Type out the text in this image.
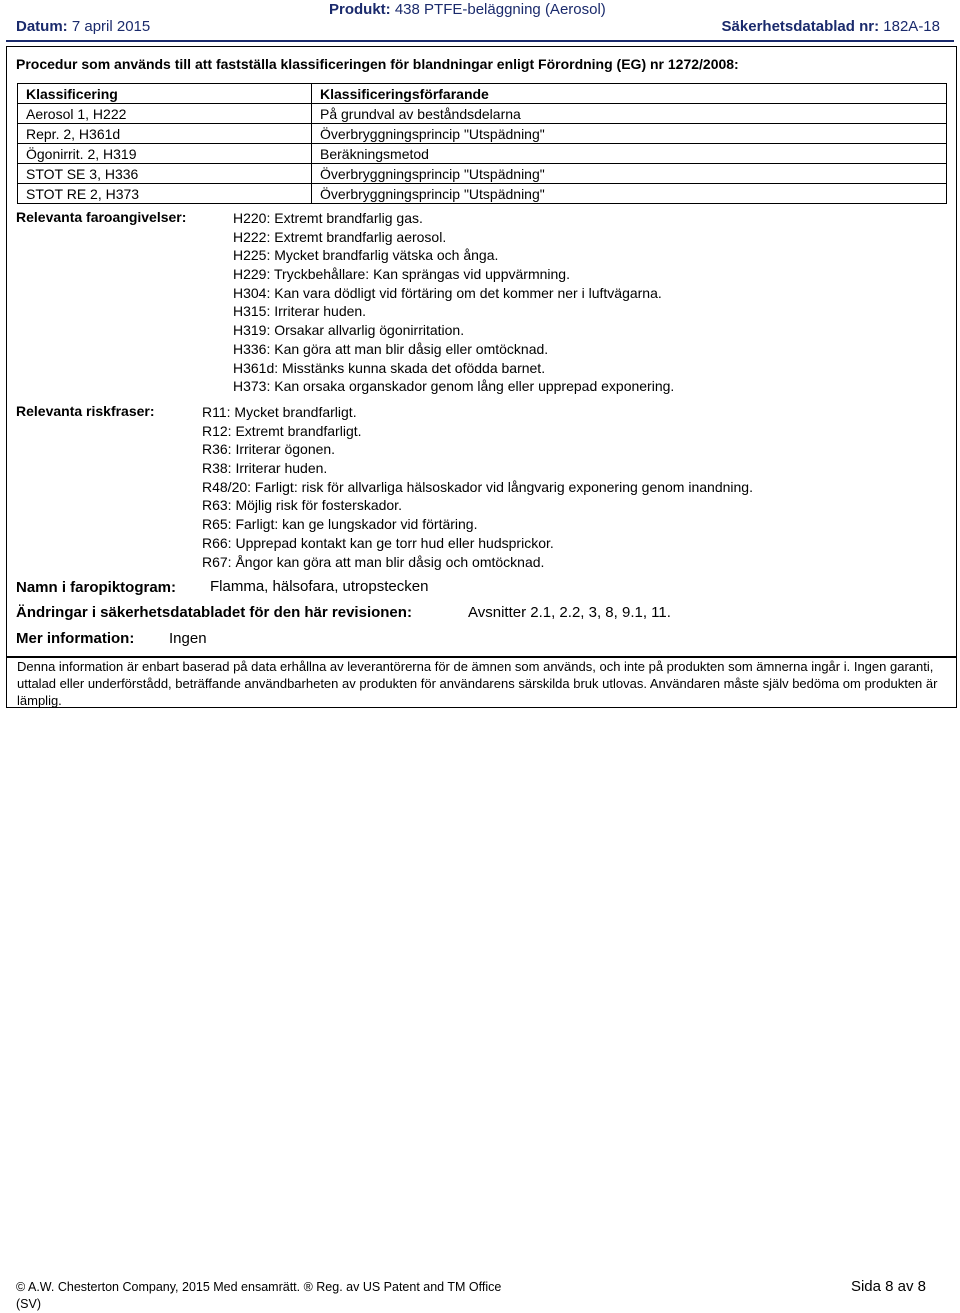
Datum: 7 april 2015
Produkt: 438 PTFE-beläggning (Aerosol)
Säkerhetsdatablad nr: 182A-18
Procedur som används till att fastställa klassificeringen för blandningar enligt Förordning (EG) nr 1272/2008:
Klassificering	Klassificeringsförfarande
Aerosol 1, H222	På grundval av beståndsdelarna
Repr. 2, H361d	Överbryggningsprincip "Utspädning"
Ögonirrit. 2, H319	Beräkningsmetod
STOT SE 3, H336	Överbryggningsprincip "Utspädning"
STOT RE 2, H373	Överbryggningsprincip "Utspädning"
Relevanta faroangivelser:	H220: Extremt brandfarlig gas.
H222: Extremt brandfarlig aerosol.
H225: Mycket brandfarlig vätska och ånga.
H229: Tryckbehållare: Kan sprängas vid uppvärmning.
H304: Kan vara dödligt vid förtäring om det kommer ner i luftvägarna.
H315: Irriterar huden.
H319: Orsakar allvarlig ögonirritation.
H336: Kan göra att man blir dåsig eller omtöcknad.
H361d: Misstänks kunna skada det ofödda barnet.
H373: Kan orsaka organskador genom lång eller upprepad exponering.
Relevanta riskfraser:	R11: Mycket brandfarligt.
R12: Extremt brandfarligt.
R36: Irriterar ögonen.
R38: Irriterar huden.
R48/20: Farligt: risk för allvarliga hälsoskador vid långvarig exponering genom inandning.
R63: Möjlig risk för fosterskador.
R65: Farligt: kan ge lungskador vid förtäring.
R66: Upprepad kontakt kan ge torr hud eller hudsprickor.
R67: Ångor kan göra att man blir dåsig och omtöcknad.
Namn i faropiktogram: Flamma, hälsofara, utropstecken
Ändringar i säkerhetsdatabladet för den här revisionen:	Avsnitter 2.1, 2.2, 3, 8, 9.1, 11.
Mer information: Ingen
Denna information är enbart baserad på data erhållna av leverantörerna för de ämnen som används, och inte på produkten som ämnerna ingår i. Ingen garanti, uttalad eller underförstådd, beträffande användbarheten av produkten för användarens särskilda bruk utlovas. Användaren måste själv bedöma om produkten är lämplig.
© A.W. Chesterton Company, 2015 Med ensamrätt. ® Reg. av US Patent and TM Office
(SV)
Sida 8 av 8
